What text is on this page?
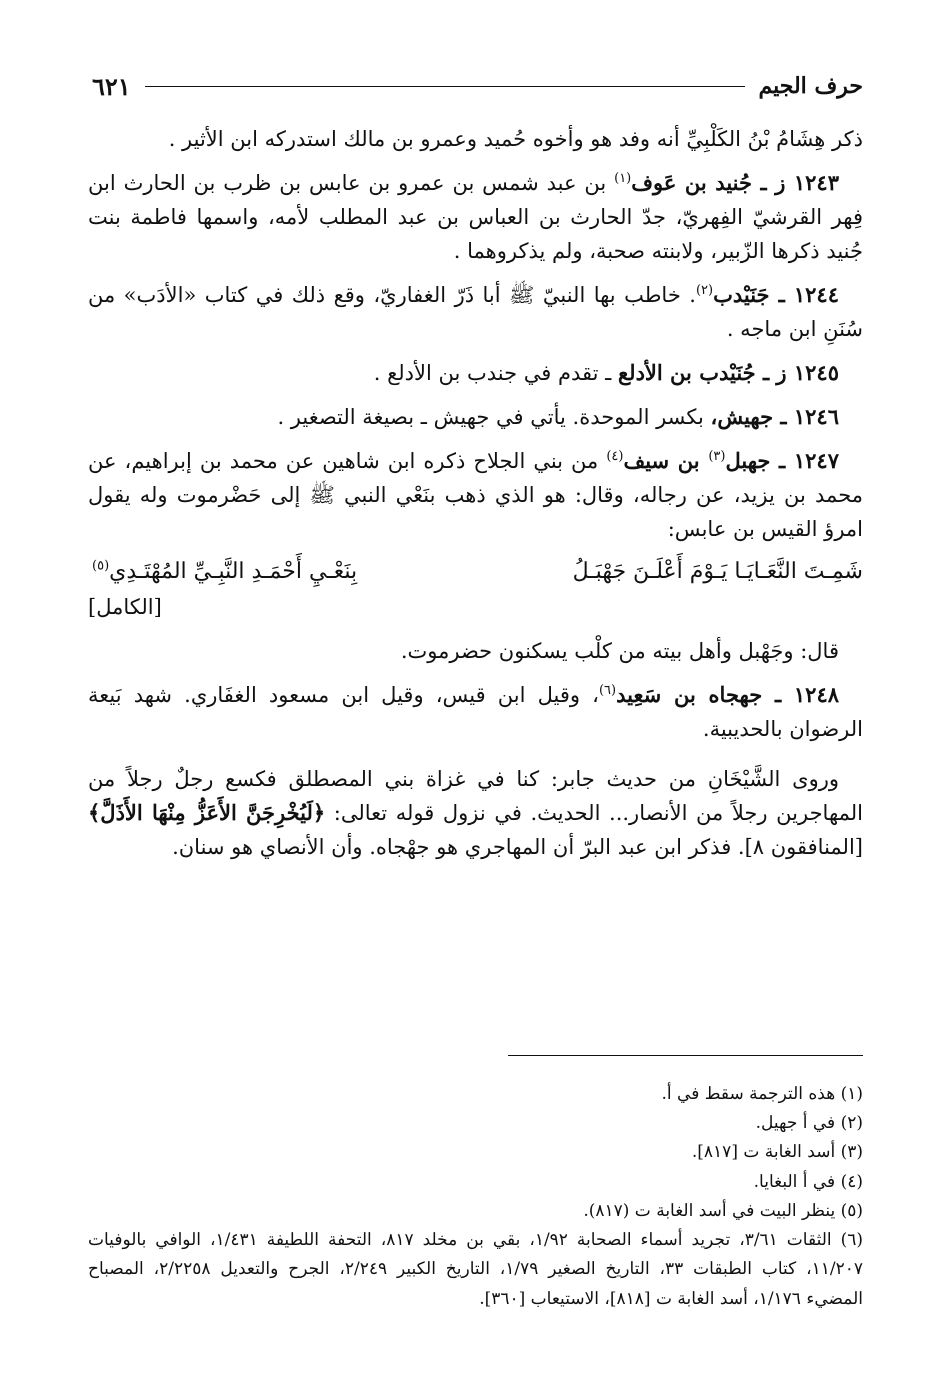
حرف الجيم
٦٢١

ذكر هِشَامُ بْنُ الكَلْبِيِّ أنه وفد هو وأخوه حُميد وعمرو بن مالك استدركه ابن الأثير .

١٢٤٣ ز ـ جُنيد بن عَوف$^{(١)}$ بن عبد شمس بن عمرو بن عابس بن ظرب بن الحارث ابن فِهر القرشيّ الفِهريّ، جدّ الحارث بن العباس بن عبد المطلب لأمه، واسمها فاطمة بنت جُنيد ذكرها الزّبير، ولابنته صحبة، ولم يذكروهما .

١٢٤٤ ـ جَنَيْدب$^{(٢)}$. خاطب بها النبيّ ﷺ أبا ذَرّ الغفاريّ، وقع ذلك في كتاب «الأدَب» من سُنَنِ ابن ماجه .

١٢٤٥ ز ـ جُنَيْدب بن الأدلع ـ تقدم في جندب بن الأدلع .

١٢٤٦ ـ جهيش، بكسر الموحدة. يأتي في جهيش ـ بصيغة التصغير .

١٢٤٧ ـ جهبل$^{(٣)}$ بن سيف$^{(٤)}$ من بني الجلاح ذكره ابن شاهين عن محمد بن إبراهيم، عن محمد بن يزيد، عن رجاله، وقال: هو الذي ذهب بنَعْي النبي ﷺ إلى حَضْرموت وله يقول امرؤ القيس بن عابس:

شَمِـتَ النَّعَـايَـا يَـوْمَ أَعْلَـنَ جَهْبَـلُ
بِنَعْـيِ أَحْمَـدِ النَّبِـيِّ المُهْتَـدِي$^{(٥)}$
[الكامل]

قال: وجَهْبل وأهل بيته من كلْب يسكنون حضرموت.

١٢٤٨ ـ جهجاه بن سَعِيد$^{(٦)}$، وقيل ابن قيس، وقيل ابن مسعود الغفَاري. شهد بَيعة الرضوان بالحديبية.

وروى الشَّيْخَانِ من حديث جابر: كنا في غزاة بني المصطلق فكسع رجلٌ رجلاً من المهاجرين رجلاً من الأنصار... الحديث. في نزول قوله تعالى: ﴿لَيُخْرِجَنَّ الأَعَزُّ مِنْهَا الأَذَلَّ﴾ [المنافقون ٨]. فذكر ابن عبد البرّ أن المهاجري هو جهْجاه. وأن الأنصاي هو سنان.

(١) هذه الترجمة سقط في أ.

(٢) في أ جهيل.

(٣) أسد الغابة ت [٨١٧].

(٤) في أ البغايا.

(٥) ينظر البيت في أسد الغابة ت (٨١٧).

(٦) الثقات ٣/٦١، تجريد أسماء الصحابة ١/٩٢، بقي بن مخلد ٨١٧، التحفة اللطيفة ١/٤٣١، الوافي بالوفيات ١١/٢٠٧، كتاب الطبقات ٣٣، التاريخ الصغير ١/٧٩، التاريخ الكبير ٢/٢٤٩، الجرح والتعديل ٢/٢٢٥٨، المصباح المضيء ١/١٧٦، أسد الغابة ت [٨١٨]، الاستيعاب [٣٦٠].
